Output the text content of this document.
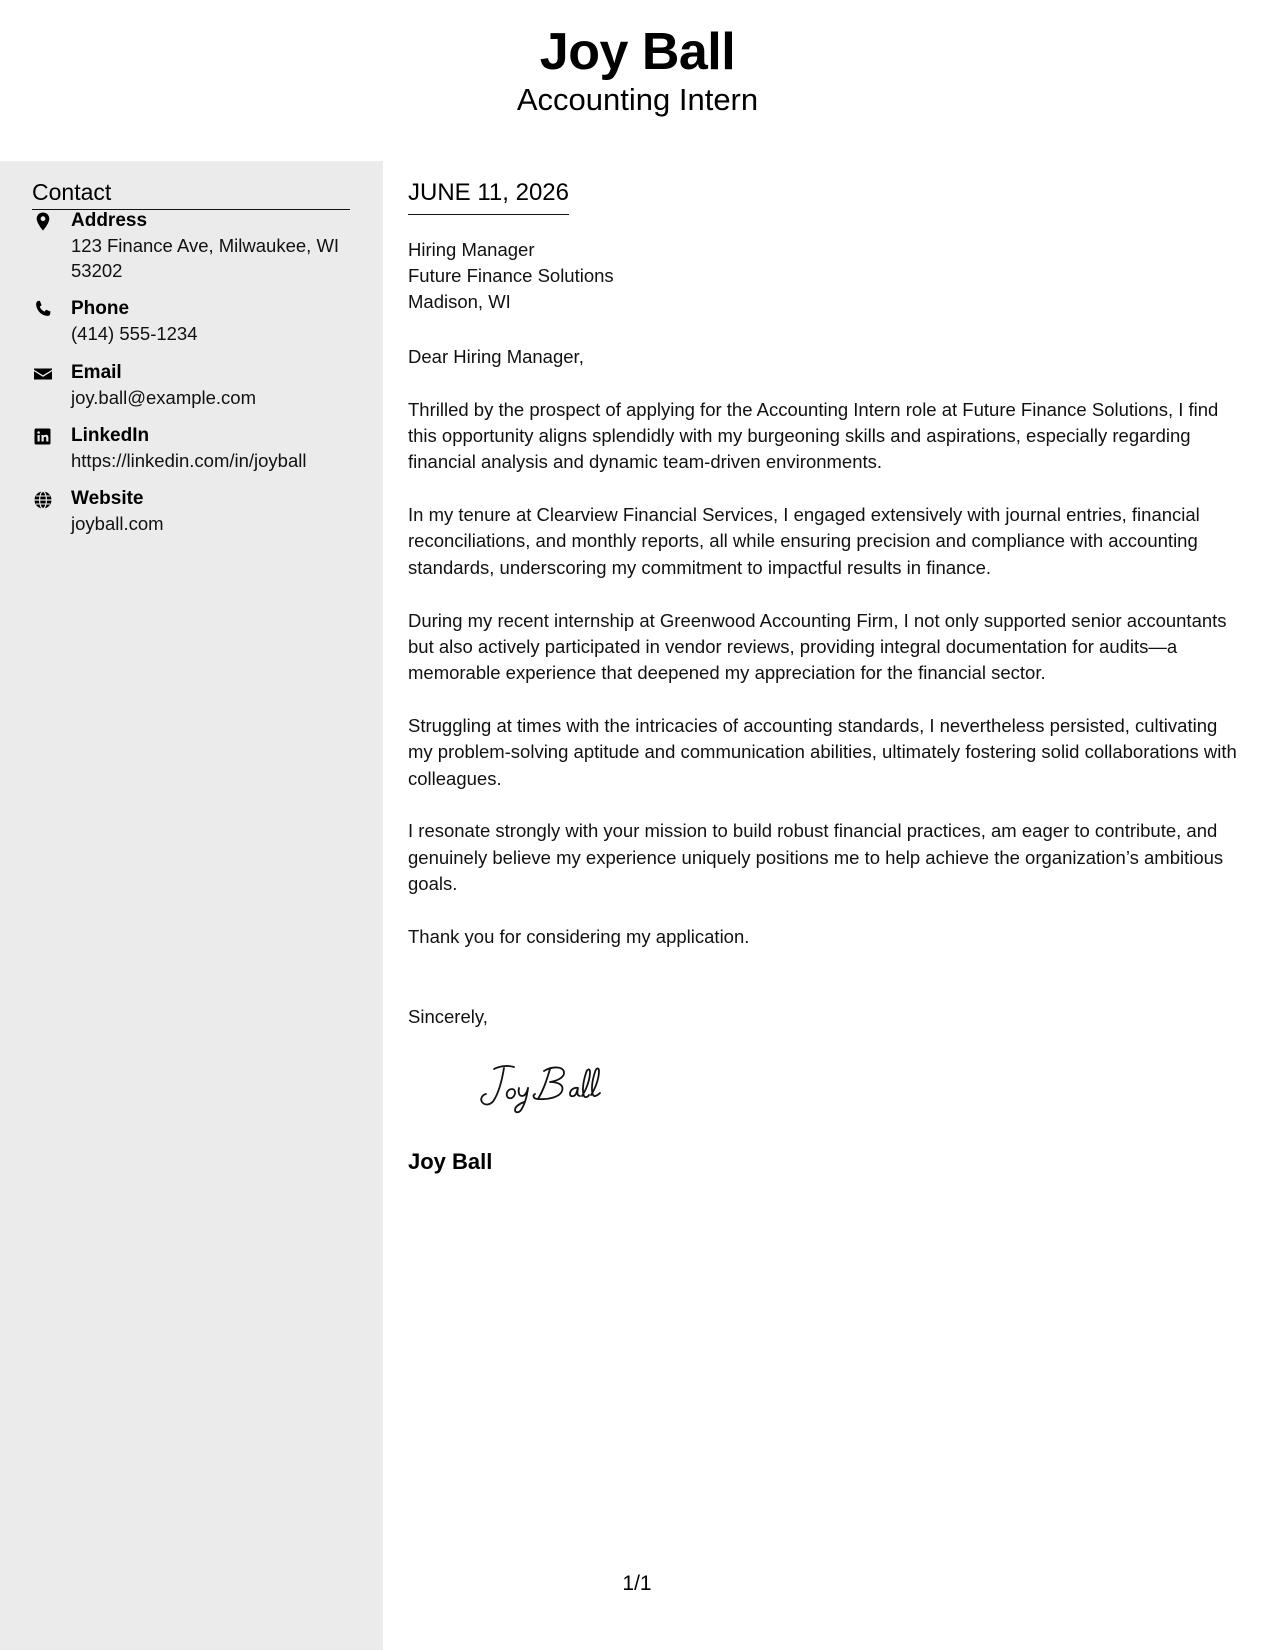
Joy Ball
Accounting Intern
Contact
Address
123 Finance Ave, Milwaukee, WI 53202
Phone
(414) 555-1234
Email
joy.ball@example.com
LinkedIn
https://linkedin.com/in/joyball
Website
joyball.com
JUNE 11, 2026
Hiring Manager
Future Finance Solutions
Madison, WI

Dear Hiring Manager,

Thrilled by the prospect of applying for the Accounting Intern role at Future Finance Solutions, I find this opportunity aligns splendidly with my burgeoning skills and aspirations, especially regarding financial analysis and dynamic team-driven environments.

In my tenure at Clearview Financial Services, I engaged extensively with journal entries, financial reconciliations, and monthly reports, all while ensuring precision and compliance with accounting standards, underscoring my commitment to impactful results in finance.

During my recent internship at Greenwood Accounting Firm, I not only supported senior accountants but also actively participated in vendor reviews, providing integral documentation for audits—a memorable experience that deepened my appreciation for the financial sector.

Struggling at times with the intricacies of accounting standards, I nevertheless persisted, cultivating my problem-solving aptitude and communication abilities, ultimately fostering solid collaborations with colleagues.

I resonate strongly with your mission to build robust financial practices, am eager to contribute, and genuinely believe my experience uniquely positions me to help achieve the organization’s ambitious goals.

Thank you for considering my application.

Sincerely,
Joy Ball
1/1
